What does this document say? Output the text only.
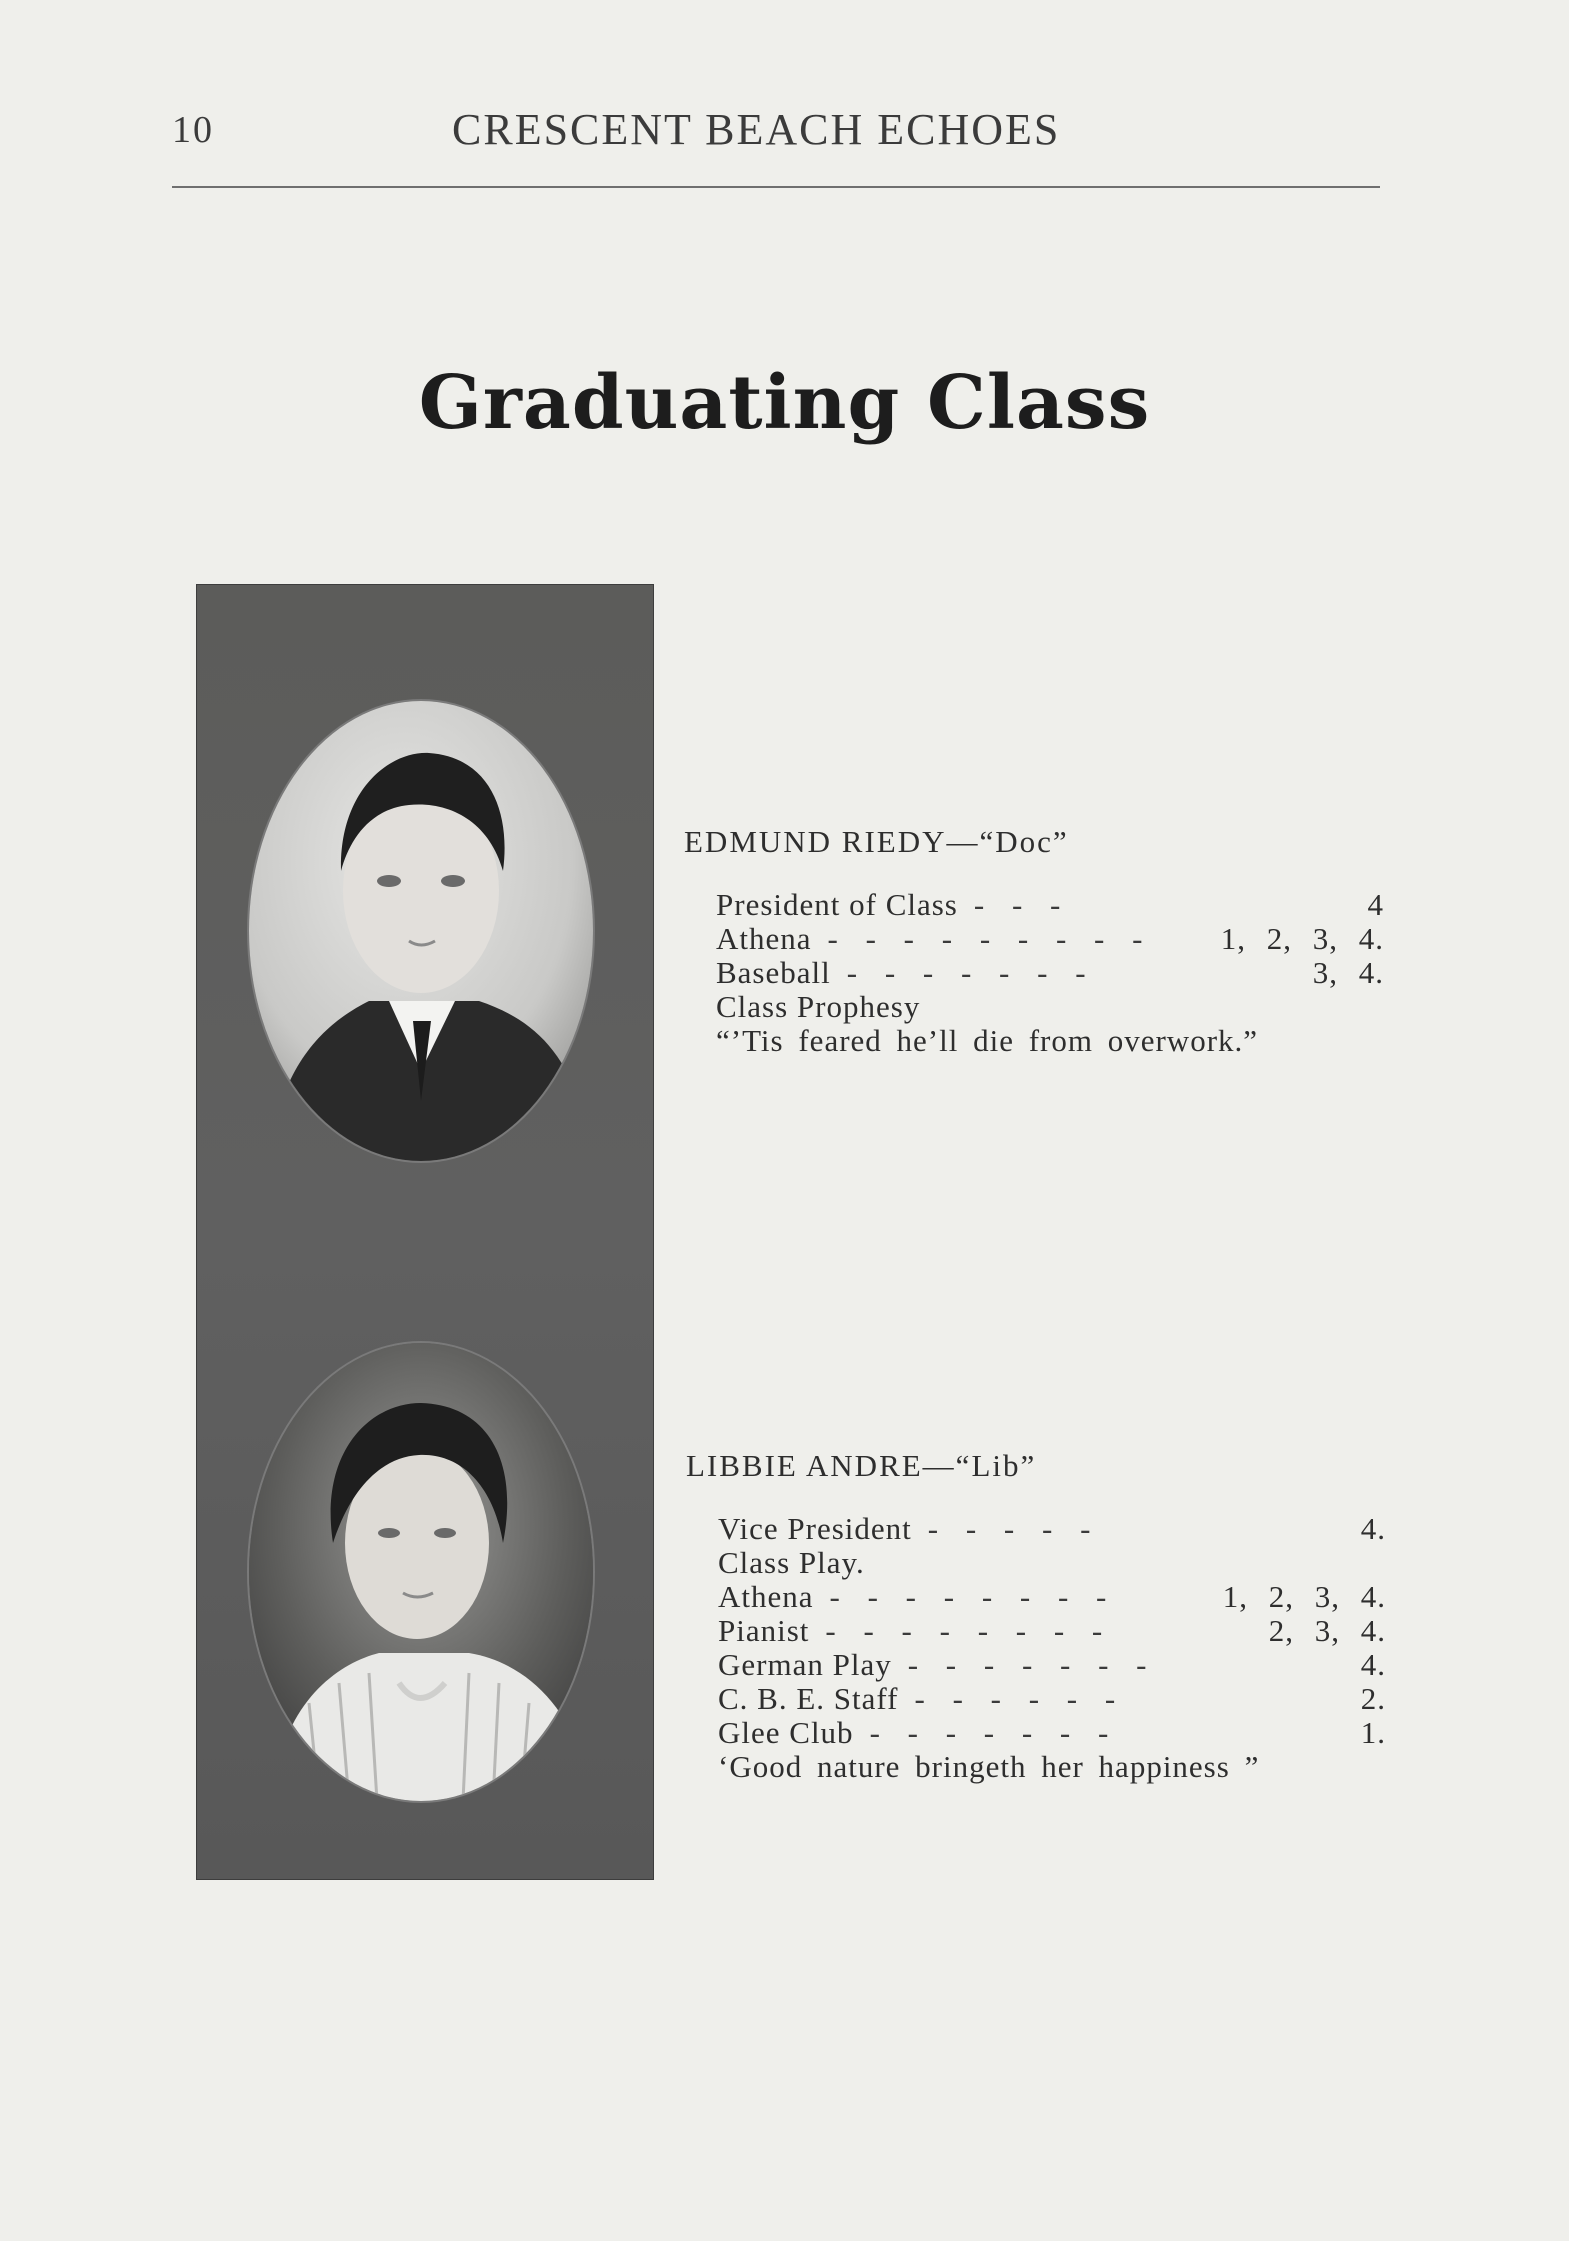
10	CRESCENT BEACH ECHOES
Graduating Class
EDMUND RIEDY—“Doc”
President of Class - - -	4
Athena - - - - - - - - -	1, 2, 3, 4.
Baseball - - - - - - -	3, 4.
Class Prophesy
“’Tis feared he’ll die from overwork.”
LIBBIE ANDRE—“Lib”
Vice President - - - - -	4.
Class Play.
Athena - - - - - - - -	1, 2, 3, 4.
Pianist - - - - - - - -	2, 3, 4.
German Play - - - - - - -	4.
C. B. E. Staff - - - - - -	2.
Glee Club - - - - - - -	1.
‘Good nature bringeth her happiness ”
